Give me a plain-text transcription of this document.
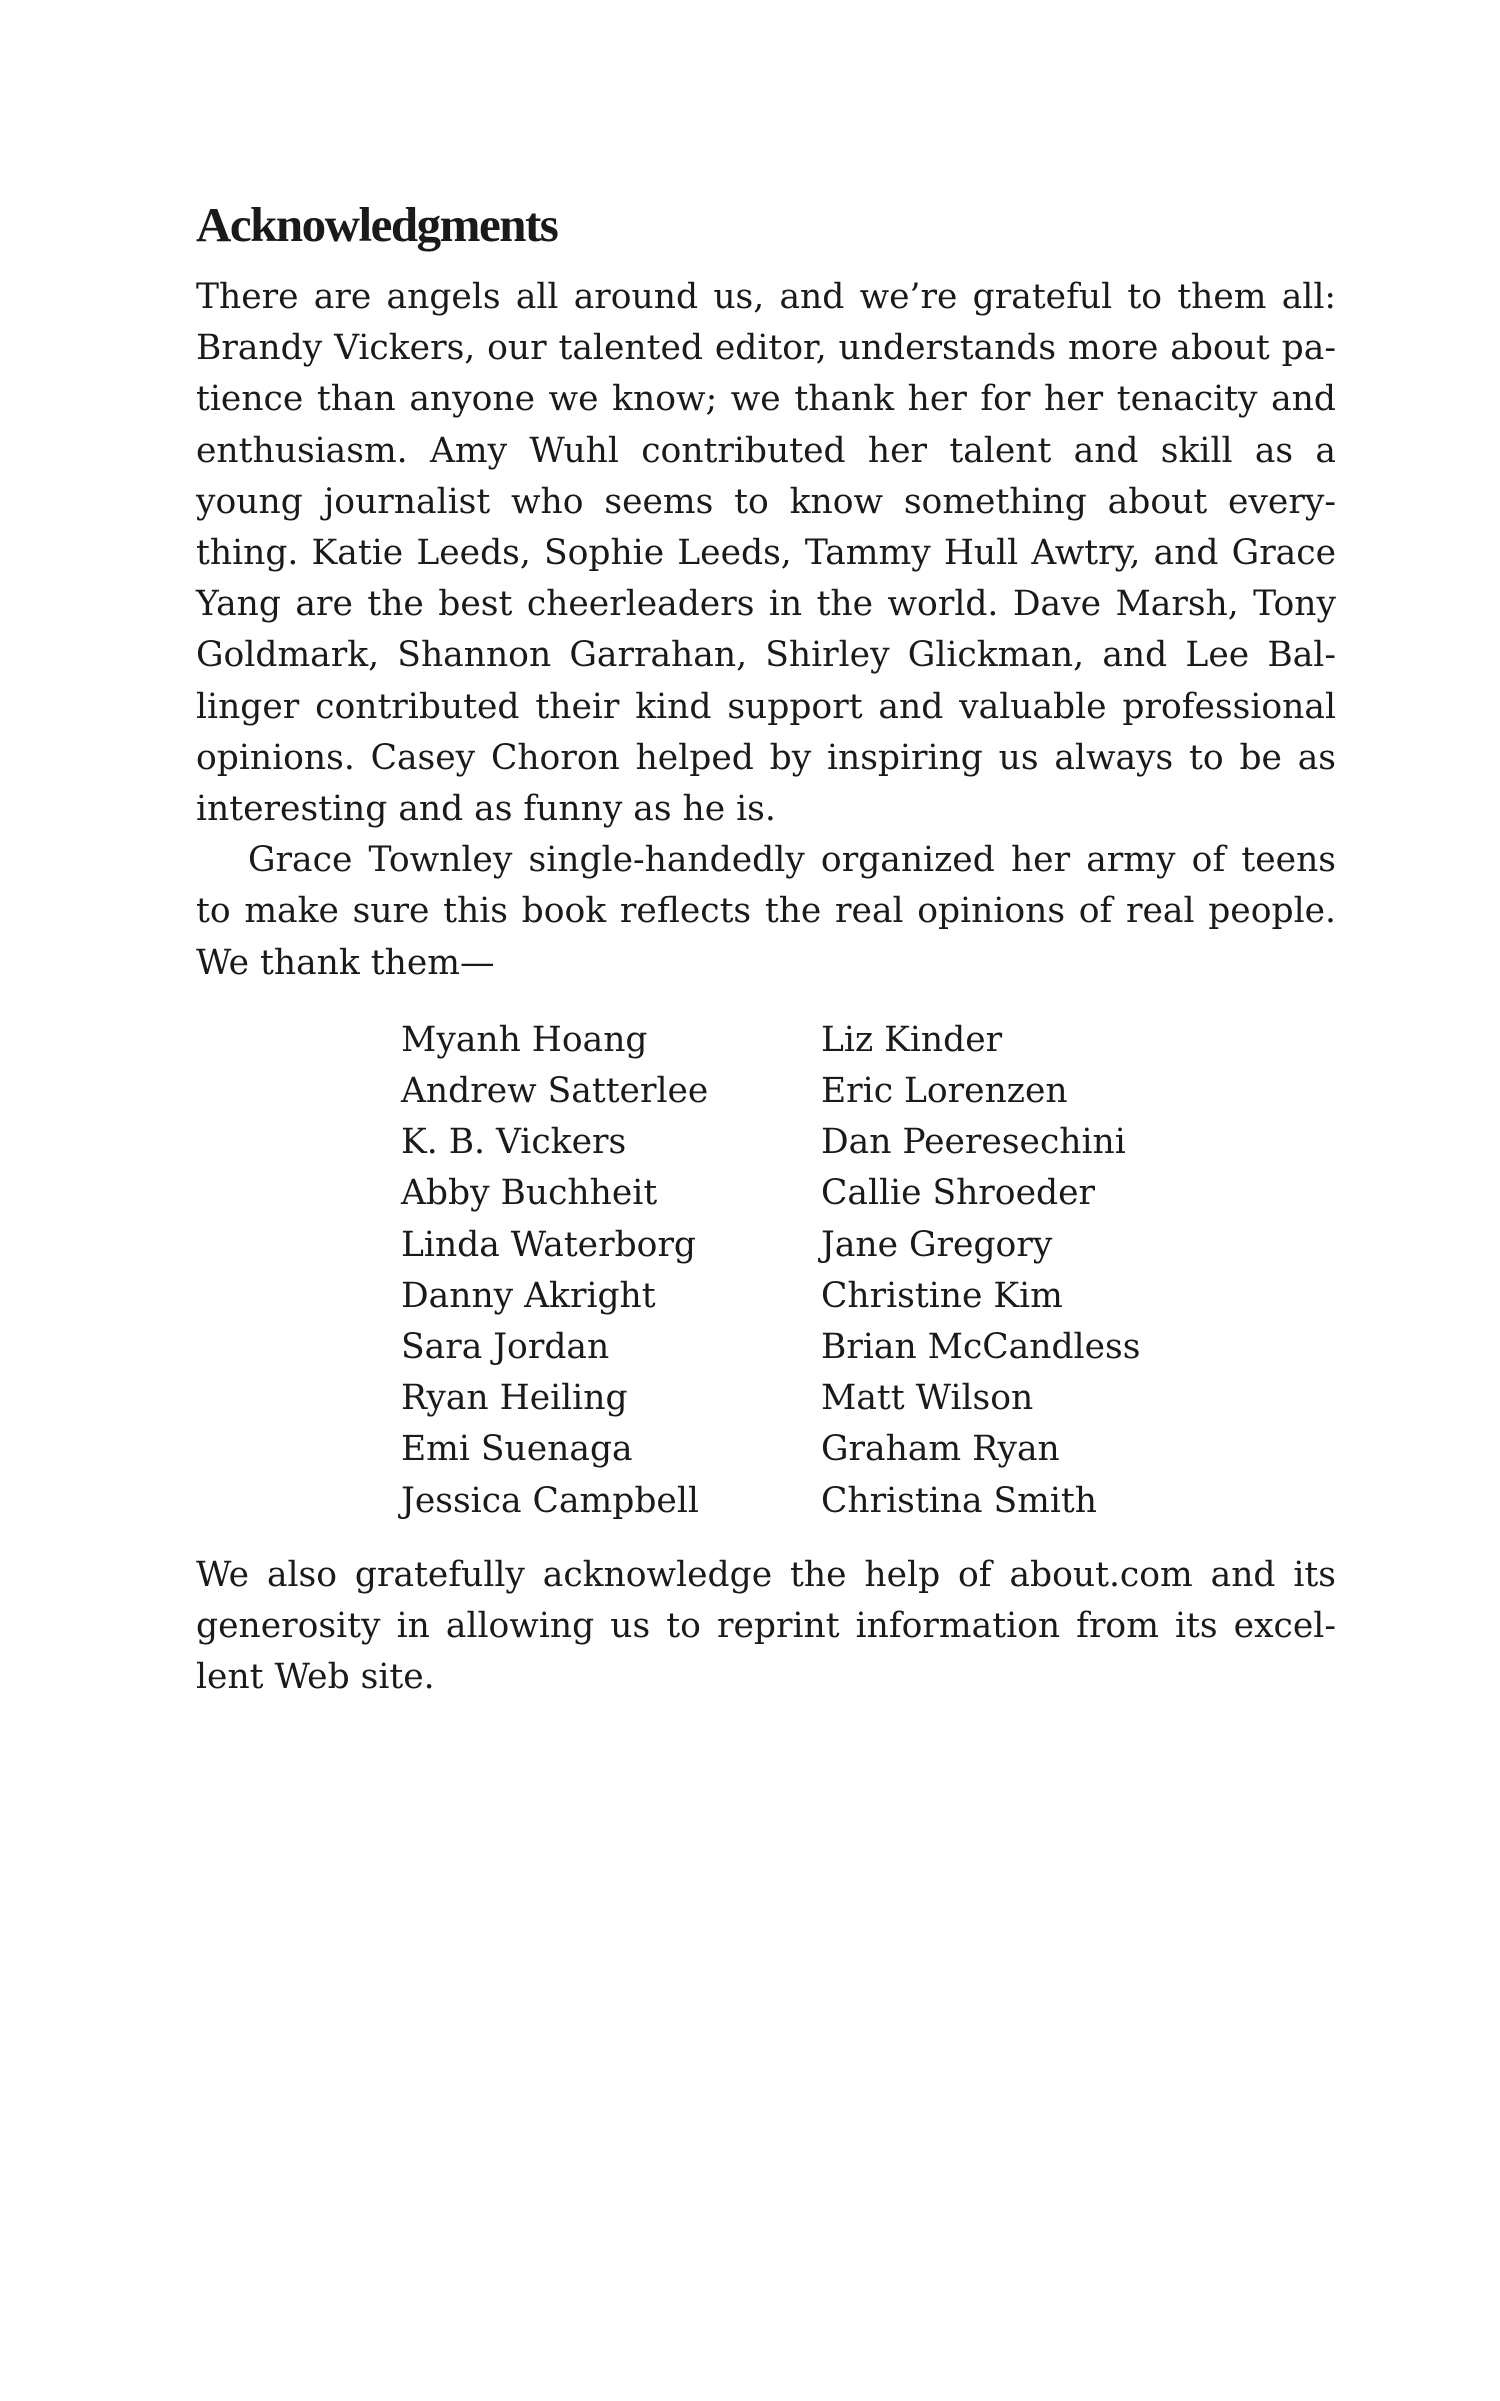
Acknowledgments

There are angels all around us, and we’re grateful to them all: Brandy Vickers, our talented editor, understands more about patience than anyone we know; we thank her for her tenacity and enthusiasm. Amy Wuhl contributed her talent and skill as a young journalist who seems to know something about everything. Katie Leeds, Sophie Leeds, Tammy Hull Awtry, and Grace Yang are the best cheerleaders in the world. Dave Marsh, Tony Goldmark, Shannon Garrahan, Shirley Glickman, and Lee Ballinger contributed their kind support and valuable professional opinions. Casey Choron helped by inspiring us always to be as interesting and as funny as he is.

Grace Townley single-handedly organized her army of teens to make sure this book reflects the real opinions of real people. We thank them—

Myanh Hoang
Andrew Satterlee
K. B. Vickers
Abby Buchheit
Linda Waterborg
Danny Akright
Sara Jordan
Ryan Heiling
Emi Suenaga
Jessica Campbell
Liz Kinder
Eric Lorenzen
Dan Peeresechini
Callie Shroeder
Jane Gregory
Christine Kim
Brian McCandless
Matt Wilson
Graham Ryan
Christina Smith

We also gratefully acknowledge the help of about.com and its generosity in allowing us to reprint information from its excellent Web site.
